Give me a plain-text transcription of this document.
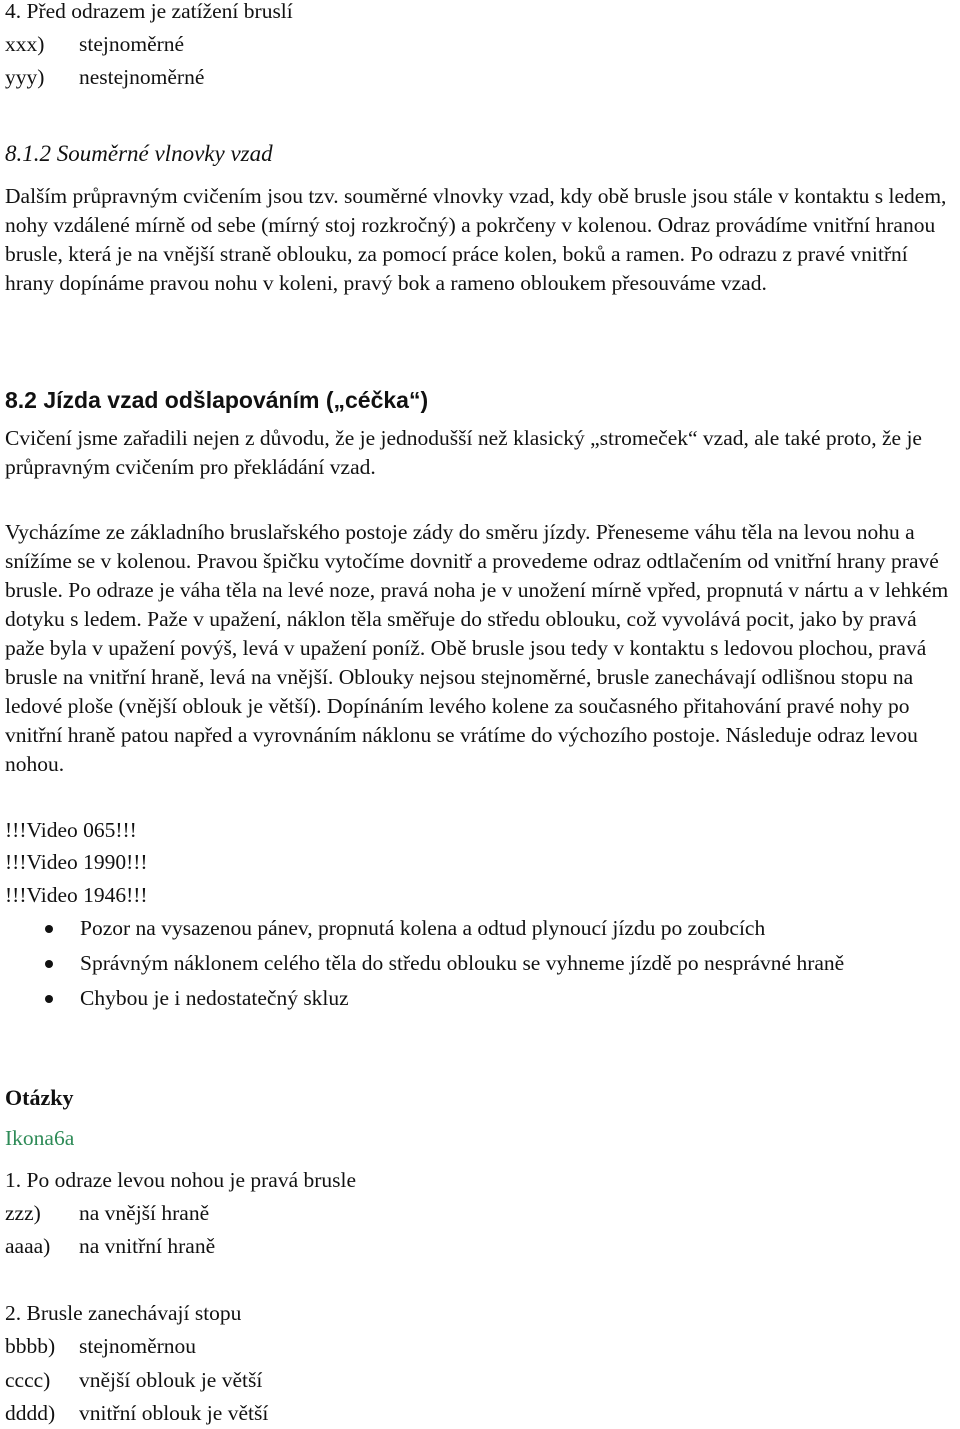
4. Před odrazem je zatížení bruslí

xxx) stejnoměrné

yyy) nestejnoměrné

8.1.2 Souměrné vlnovky vzad

Dalším průpravným cvičením jsou tzv. souměrné vlnovky vzad, kdy obě brusle jsou stále v kontaktu s ledem, nohy vzdálené mírně od sebe (mírný stoj rozkročný) a pokrčeny v kolenou. Odraz provádíme vnitřní hranou brusle, která je na vnější straně oblouku, za pomocí práce kolen, boků a ramen. Po odrazu z pravé vnitřní hrany dopínáme pravou nohu v koleni, pravý bok a rameno obloukem přesouváme vzad.

8.2 Jízda vzad odšlapováním („céčka“)

Cvičení jsme zařadili nejen z důvodu, že je jednodušší než klasický „stromeček“ vzad, ale také proto, že je průpravným cvičením pro překládání vzad.

Vycházíme ze základního bruslařského postoje zády do směru jízdy. Přeneseme váhu těla na levou nohu a snížíme se v kolenou. Pravou špičku vytočíme dovnitř a provedeme odraz odtlačením od vnitřní hrany pravé brusle. Po odraze je váha těla na levé noze, pravá noha je v unožení mírně vpřed, propnutá v nártu a v lehkém dotyku s ledem. Paže v upažení, náklon těla směřuje do středu oblouku, což vyvolává pocit, jako by pravá paže byla v upažení povýš, levá v upažení poníž. Obě brusle jsou tedy v kontaktu s ledovou plochou, pravá brusle na vnitřní hraně, levá na vnější. Oblouky nejsou stejnoměrné, brusle zanechávají odlišnou stopu na ledové ploše (vnější oblouk je větší). Dopínáním levého kolene za současného přitahování pravé nohy po vnitřní hraně patou napřed a vyrovnáním náklonu se vrátíme do výchozího postoje. Následuje odraz levou nohou.

!!!Video 065!!!

!!!Video 1990!!!

!!!Video 1946!!!

Pozor na vysazenou pánev, propnutá kolena a odtud plynoucí jízdu po zoubcích
Správným náklonem celého těla do středu oblouku se vyhneme jízdě po nesprávné hraně
Chybou je i nedostatečný skluz

Otázky

Ikona6a

1. Po odraze levou nohou je pravá brusle

zzz) na vnější hraně

aaaa) na vnitřní hraně

2. Brusle zanechávají stopu

bbbb) stejnoměrnou

cccc) vnější oblouk je větší

dddd) vnitřní oblouk je větší
